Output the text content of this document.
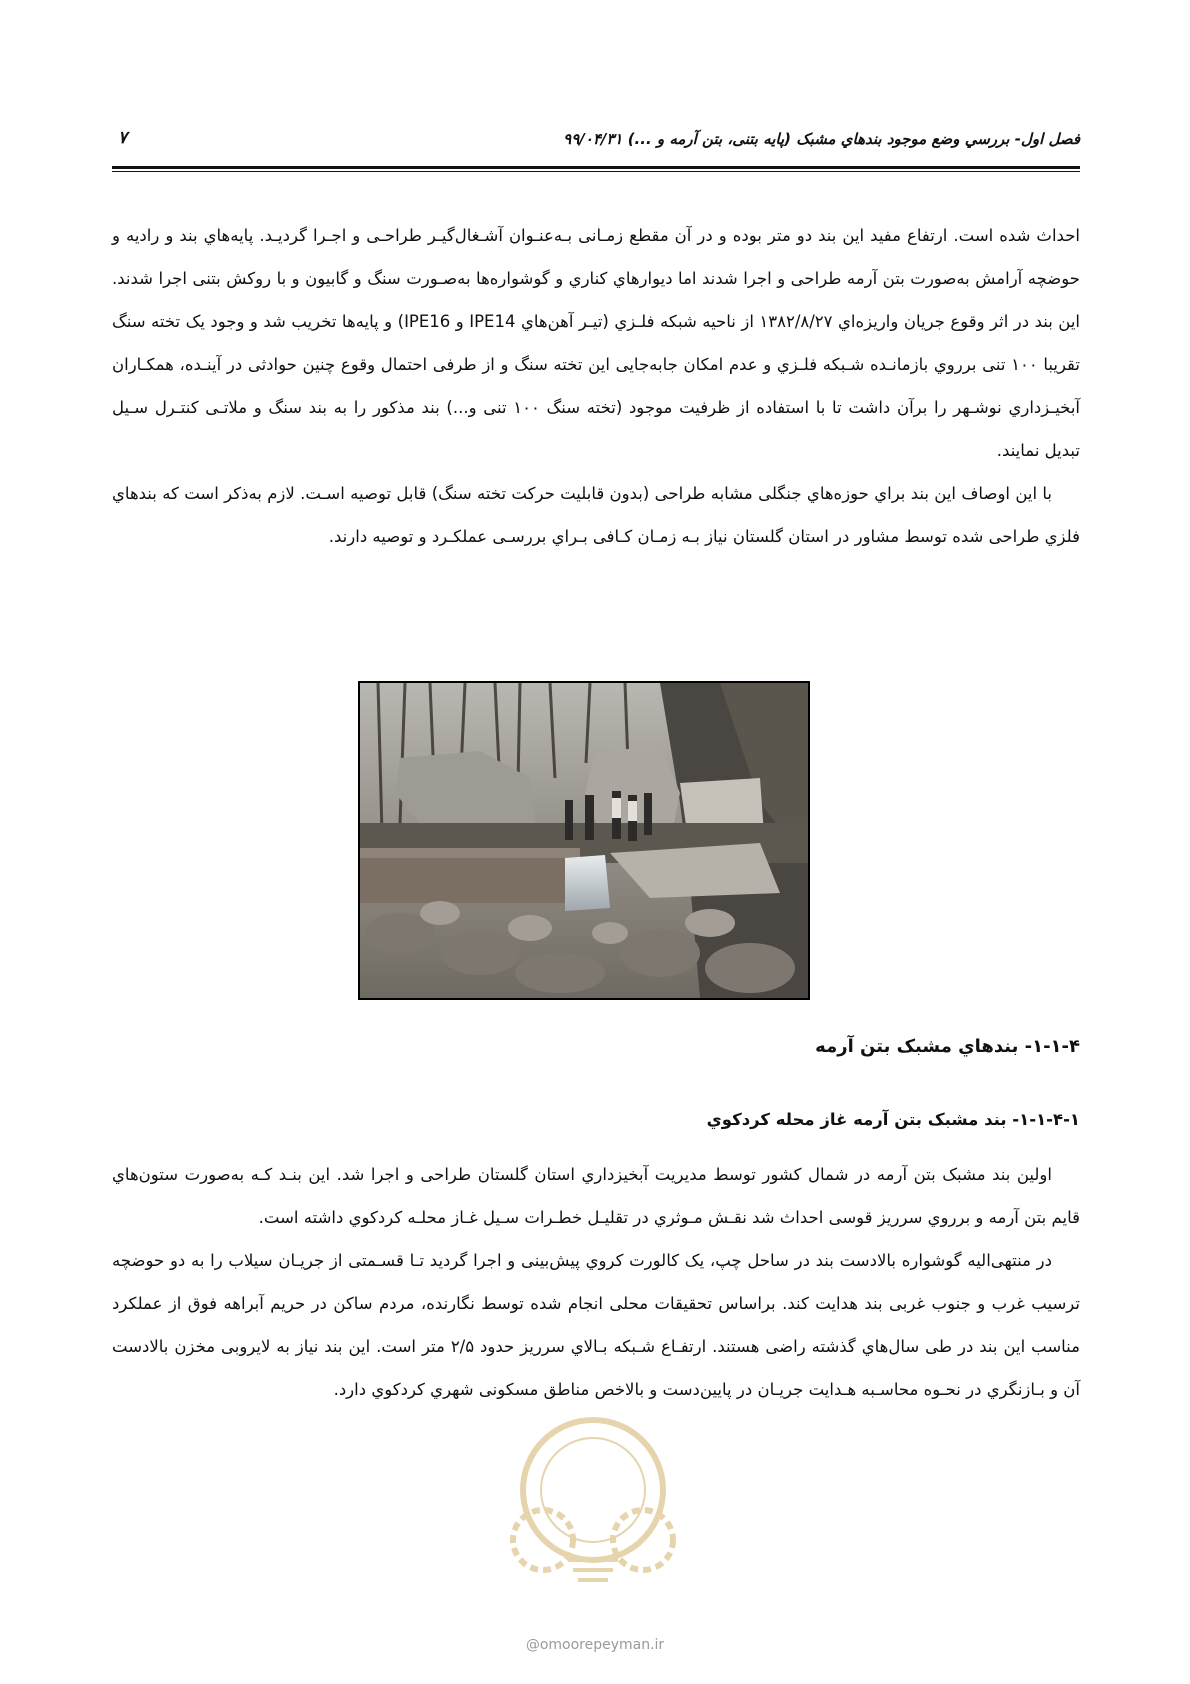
فصل اول- بررسي وضع موجود بندهاي مشبک (پايه بتنی، بتن آرمه و ...) ۹۹/۰۴/۳۱
۷

احداث شده است. ارتفاع مفيد اين بند دو متر بوده و در آن مقطع زمـانی بـه‌عنـوان آشـغال‌گيـر طراحـی و اجـرا گرديـد. پايه‌هاي بند و راديه و حوضچه آرامش به‌صورت بتن آرمه طراحی و اجرا شدند اما ديوارهاي کناري و گوشواره‌ها به‌صـورت سنگ و گابيون و با روکش بتنی اجرا شدند. اين بند در اثر وقوع جريان واريزه‌اي ۱۳۸۲/۸/۲۷ از ناحيه شبکه فلـزي (تيـر آهن‌هاي IPE14 و IPE16) و پايه‌ها تخريب شد و وجود يک تخته سنگ تقريبا ۱۰۰ تنی برروي بازمانـده شـبکه فلـزي و عدم امکان جابه‌جايی اين تخته سنگ و از طرفی احتمال وقوع چنين حوادثی در آينـده، همکـاران آبخيـزداري نوشـهر را برآن داشت تا با استفاده از ظرفيت موجود (تخته سنگ ۱۰۰ تنی و...) بند مذکور را به بند سنگ و ملاتـی کنتـرل سـيل تبديل نمايند.

با اين اوصاف اين بند براي حوزه‌هاي جنگلی مشابه طراحی (بدون قابليت حرکت تخته سنگ) قابل توصيه اسـت. لازم به‌ذکر است که بندهاي فلزي طراحی شده توسط مشاور در استان گلستان نياز بـه زمـان کـافی بـراي بررسـی عملکـرد و توصيه دارند.

۱-۱-۴- بندهاي مشبک بتن آرمه
۱-۱-۴-۱- بند مشبک بتن آرمه غاز محله کردکوي

اولين بند مشبک بتن آرمه در شمال کشور توسط مديريت آبخيزداري استان گلستان طراحی و اجرا شد. اين بنـد کـه به‌صورت ستون‌هاي قايم بتن آرمه و برروي سرريز قوسی احداث شد نقـش مـوثري در تقليـل خطـرات سـيل غـاز محلـه کردکوي داشته است.

در منتهی‌اليه گوشواره بالادست بند در ساحل چپ، يک کالورت کروي پيش‌بينی و اجرا گرديد تـا قسـمتی از جريـان سيلاب را به دو حوضچه ترسيب غرب و جنوب غربی بند هدايت کند. براساس تحقيقات محلی انجام شده توسط نگارنده، مردم ساکن در حريم آبراهه فوق از عملکرد مناسب اين بند در طی سال‌هاي گذشته راضی هستند. ارتفـاع شـبکه بـالاي سرريز حدود ۲/۵ متر است. اين بند نياز به لايروبی مخزن بالادست آن و بـازنگري در نحـوه محاسـبه هـدايت جريـان در پايين‌دست و بالاخص مناطق مسکونی شهري کردکوي دارد.

@omoorepeyman.ir
